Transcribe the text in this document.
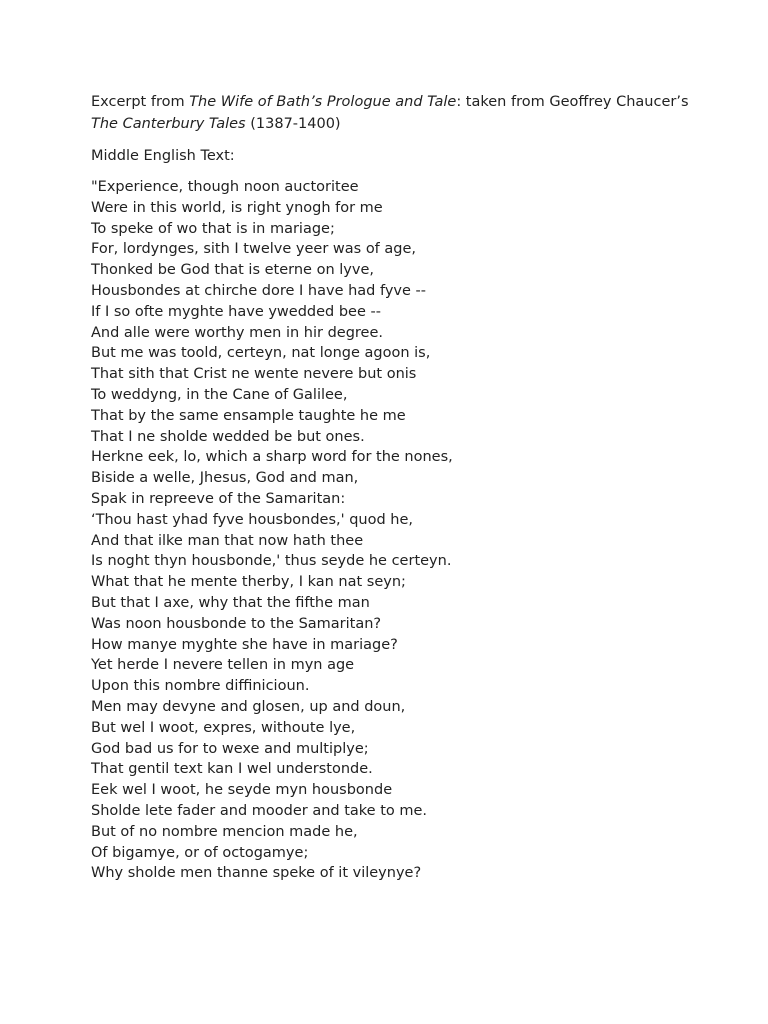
Excerpt from The Wife of Bath’s Prologue and Tale: taken from Geoffrey Chaucer’s The Canterbury Tales (1387-1400)

Middle English Text:

"Experience, though noon auctoritee
Were in this world, is right ynogh for me
To speke of wo that is in mariage;
For, lordynges, sith I twelve yeer was of age,
Thonked be God that is eterne on lyve,
Housbondes at chirche dore I have had fyve --
If I so ofte myghte have ywedded bee --
And alle were worthy men in hir degree.
But me was toold, certeyn, nat longe agoon is,
That sith that Crist ne wente nevere but onis
To weddyng, in the Cane of Galilee,
That by the same ensample taughte he me
That I ne sholde wedded be but ones.
Herkne eek, lo, which a sharp word for the nones,
Biside a welle, Jhesus, God and man,
Spak in repreeve of the Samaritan:
‘Thou hast yhad fyve housbondes,' quod he,
And that ilke man that now hath thee
Is noght thyn housbonde,' thus seyde he certeyn.
What that he mente therby, I kan nat seyn;
But that I axe, why that the fifthe man
Was noon housbonde to the Samaritan?
How manye myghte she have in mariage?
Yet herde I nevere tellen in myn age
Upon this nombre diffinicioun.
Men may devyne and glosen, up and doun,
But wel I woot, expres, withoute lye,
God bad us for to wexe and multiplye;
That gentil text kan I wel understonde.
Eek wel I woot, he seyde myn housbonde
Sholde lete fader and mooder and take to me.
But of no nombre mencion made he,
Of bigamye, or of octogamye;
Why sholde men thanne speke of it vileynye?
